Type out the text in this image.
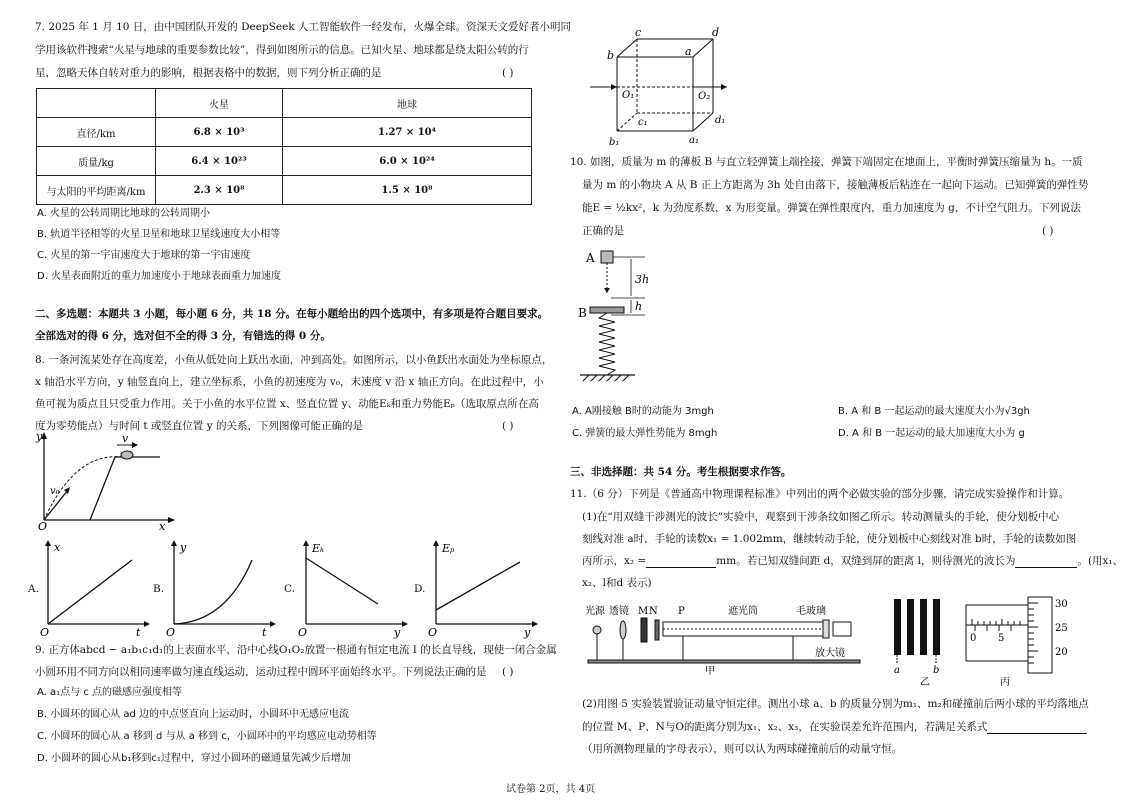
7. 2025 年 1 月 10 日，由中国团队开发的 DeepSeek 人工智能软件一经发布，火爆全球。资深天文爱好者小明同
学用该软件搜索“火星与地球的重要参数比较”，得到如图所示的信息。已知火星、地球都是绕太阳公转的行
星，忽略天体自转对重力的影响，根据表格中的数据，则下列分析正确的是	( )
	火星	地球
直径/km	6.8 × 10³	1.27 × 10⁴
质量/kg	6.4 × 10²³	6.0 × 10²⁴
与太阳的平均距离/km	2.3 × 10⁸	1.5 × 10⁸
A. 火星的公转周期比地球的公转周期小
B. 轨道半径相等的火星卫星和地球卫星线速度大小相等
C. 火星的第一宇宙速度大于地球的第一宇宙速度
D. 火星表面附近的重力加速度小于地球表面重力加速度
二、多选题：本题共 3 小题，每小题 6 分，共 18 分。在每小题给出的四个选项中，有多项是符合题目要求。
全部选对的得 6 分，选对但不全的得 3 分，有错选的得 0 分。
8. 一条河流某处存在高度差，小鱼从低处向上跃出水面，冲到高处。如图所示，以小鱼跃出水面处为坐标原点，
x 轴沿水平方向，y 轴竖直向上，建立坐标系，小鱼的初速度为 v₀，末速度 v 沿 x 轴正方向。在此过程中，小
鱼可视为质点且只受重力作用。关于小鱼的水平位置 x、竖直位置 y、动能Eₖ和重力势能Eₚ（选取原点所在高
度为零势能点）与时间 t 或竖直位置 y 的关系，下列图像可能正确的是	( )
y
x
O
v
v₀
A.
x
t
O
B.
y
t
O
C.
Eₖ
y
O
D.
Eₚ
y
O
9. 正方体abcd − a₁b₁c₁d₁的上表面水平，沿中心线O₁O₂放置一根通有恒定电流 I 的长直导线，现使一闭合金属
小圆环用不同方向以相同速率做匀速直线运动，运动过程中圆环平面始终水平。下列说法正确的是 ( )
A. a₁点与 c 点的磁感应强度相等
B. 小圆环的圆心从 ad 边的中点竖直向上运动时，小圆环中无感应电流
C. 小圆环的圆心从 a 移到 d 与从 a 移到 c，小圆环中的平均感应电动势相等
D. 小圆环的圆心从b₁移到c₁过程中，穿过小圆环的磁通量先减少后增加
c	d
b	a
O₁	O₂
c₁
b₁	a₁
d₁
10. 如图，质量为 m 的薄板 B 与直立轻弹簧上端拴接，弹簧下端固定在地面上，平衡时弹簧压缩量为 h。一质
量为 m 的小物块 A 从 B 正上方距离为 3h 处自由落下，接触薄板后粘连在一起向下运动。已知弹簧的弹性势
能E = ½kx²，k 为劲度系数，x 为形变量。弹簧在弹性限度内，重力加速度为 g，不计空气阻力。下列说法
正确的是	( )
A
B
3h
h
A. A刚接触 B时的动能为 3mgh	B. A 和 B 一起运动的最大速度大小为√3gh
C. 弹簧的最大弹性势能为 8mgh	D. A 和 B 一起运动的最大加速度大小为 g
三、非选择题：共 54 分。考生根据要求作答。
11.（6 分）下列是《普通高中物理课程标准》中列出的两个必做实验的部分步骤，请完成实验操作和计算。
(1)在“用双缝干涉测光的波长”实验中，观察到干涉条纹如图乙所示。转动测量头的手轮，使分划板中心
刻线对准 a时，手轮的读数x₁ = 1.002mm，继续转动手轮，使分划板中心刻线对准 b时，手轮的读数如图
丙所示，x₂ =	mm。若已知双缝间距 d，双缝到屏的距离 l，则待测光的波长为	。(用x₁、
x₂、l和d 表示)
光源 透镜 M N P	遮光筒	毛玻璃
放大镜
甲	a	b
乙
30
25
20
0 5
丙
(2)用图 5 实验装置验证动量守恒定律。测出小球 a、b 的质量分别为m₁、m₂和碰撞前后两小球的平均落地点
的位置 M、P、N与O的距离分别为x₁、x₂、x₃，在实验误差允许范围内，若满足关系式
（用所测物理量的字母表示），则可以认为两球碰撞前后的动量守恒。
试卷第 2页，共 4页
